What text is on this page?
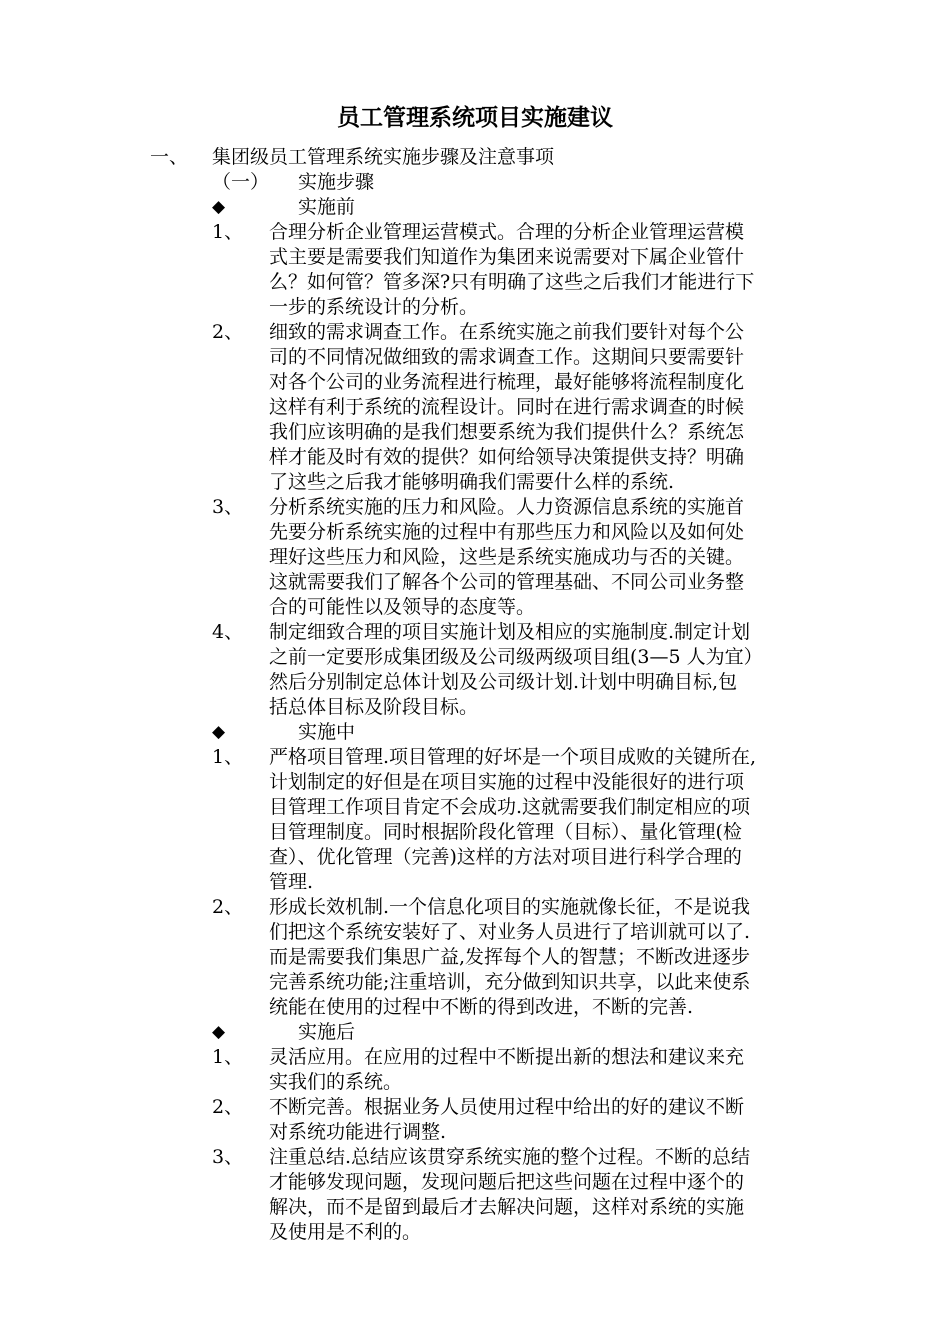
员工管理系统项目实施建议
一、 集团级员工管理系统实施步骤及注意事项
（一） 实施步骤
◆	实施前
1、 合理分析企业管理运营模式。合理的分析企业管理运营模
式主要是需要我们知道作为集团来说需要对下属企业管什
么？如何管？管多深?只有明确了这些之后我们才能进行下
一步的系统设计的分析。
2、 细致的需求调查工作。在系统实施之前我们要针对每个公
司的不同情况做细致的需求调查工作。这期间只要需要针
对各个公司的业务流程进行梳理，最好能够将流程制度化
这样有利于系统的流程设计。同时在进行需求调查的时候
我们应该明确的是我们想要系统为我们提供什么？系统怎
样才能及时有效的提供？如何给领导决策提供支持？明确
了这些之后我才能够明确我们需要什么样的系统.
3、 分析系统实施的压力和风险。人力资源信息系统的实施首
先要分析系统实施的过程中有那些压力和风险以及如何处
理好这些压力和风险，这些是系统实施成功与否的关键。
这就需要我们了解各个公司的管理基础、不同公司业务整
合的可能性以及领导的态度等。
4、 制定细致合理的项目实施计划及相应的实施制度.制定计划
之前一定要形成集团级及公司级两级项目组(3—5 人为宜）
然后分别制定总体计划及公司级计划.计划中明确目标,包
括总体目标及阶段目标。
◆	实施中
1、 严格项目管理.项目管理的好坏是一个项目成败的关键所在,
计划制定的好但是在项目实施的过程中没能很好的进行项
目管理工作项目肯定不会成功.这就需要我们制定相应的项
目管理制度。同时根据阶段化管理（目标）、量化管理(检
查）、优化管理（完善)这样的方法对项目进行科学合理的
管理.
2、 形成长效机制.一个信息化项目的实施就像长征，不是说我
们把这个系统安装好了、对业务人员进行了培训就可以了.
而是需要我们集思广益,发挥每个人的智慧；不断改进逐步
完善系统功能;注重培训，充分做到知识共享，以此来使系
统能在使用的过程中不断的得到改进，不断的完善.
◆	实施后
1、 灵活应用。在应用的过程中不断提出新的想法和建议来充
实我们的系统。
2、 不断完善。根据业务人员使用过程中给出的好的建议不断
对系统功能进行调整.
3、 注重总结.总结应该贯穿系统实施的整个过程。不断的总结
才能够发现问题，发现问题后把这些问题在过程中逐个的
解决，而不是留到最后才去解决问题，这样对系统的实施
及使用是不利的。
